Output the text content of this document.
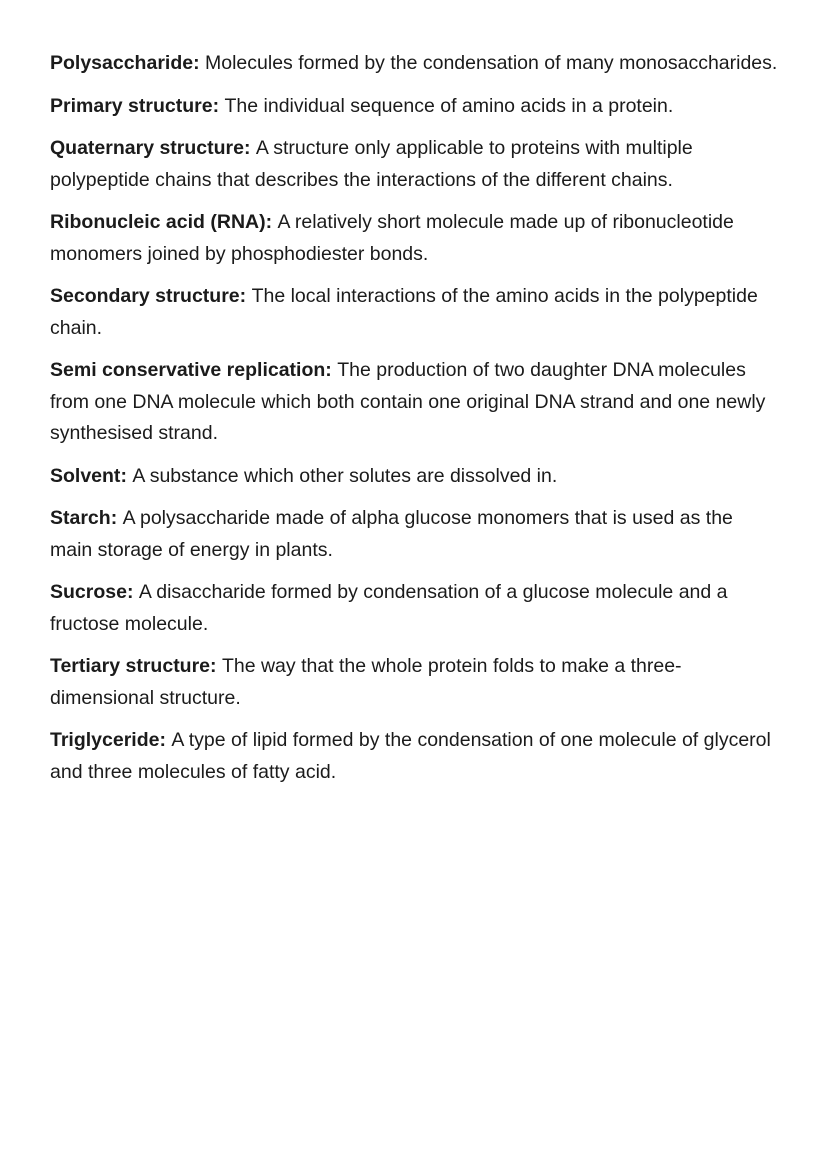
Polysaccharide: Molecules formed by the condensation of many monosaccharides.

Primary structure: The individual sequence of amino acids in a protein.

Quaternary structure: A structure only applicable to proteins with multiple polypeptide chains that describes the interactions of the different chains.

Ribonucleic acid (RNA): A relatively short molecule made up of ribonucleotide monomers joined by phosphodiester bonds.

Secondary structure: The local interactions of the amino acids in the polypeptide chain.

Semi conservative replication: The production of two daughter DNA molecules from one DNA molecule which both contain one original DNA strand and one newly synthesised strand.

Solvent: A substance which other solutes are dissolved in.

Starch: A polysaccharide made of alpha glucose monomers that is used as the main storage of energy in plants.

Sucrose: A disaccharide formed by condensation of a glucose molecule and a fructose molecule.

Tertiary structure: The way that the whole protein folds to make a three-dimensional structure.

Triglyceride: A type of lipid formed by the condensation of one molecule of glycerol and three molecules of fatty acid.
